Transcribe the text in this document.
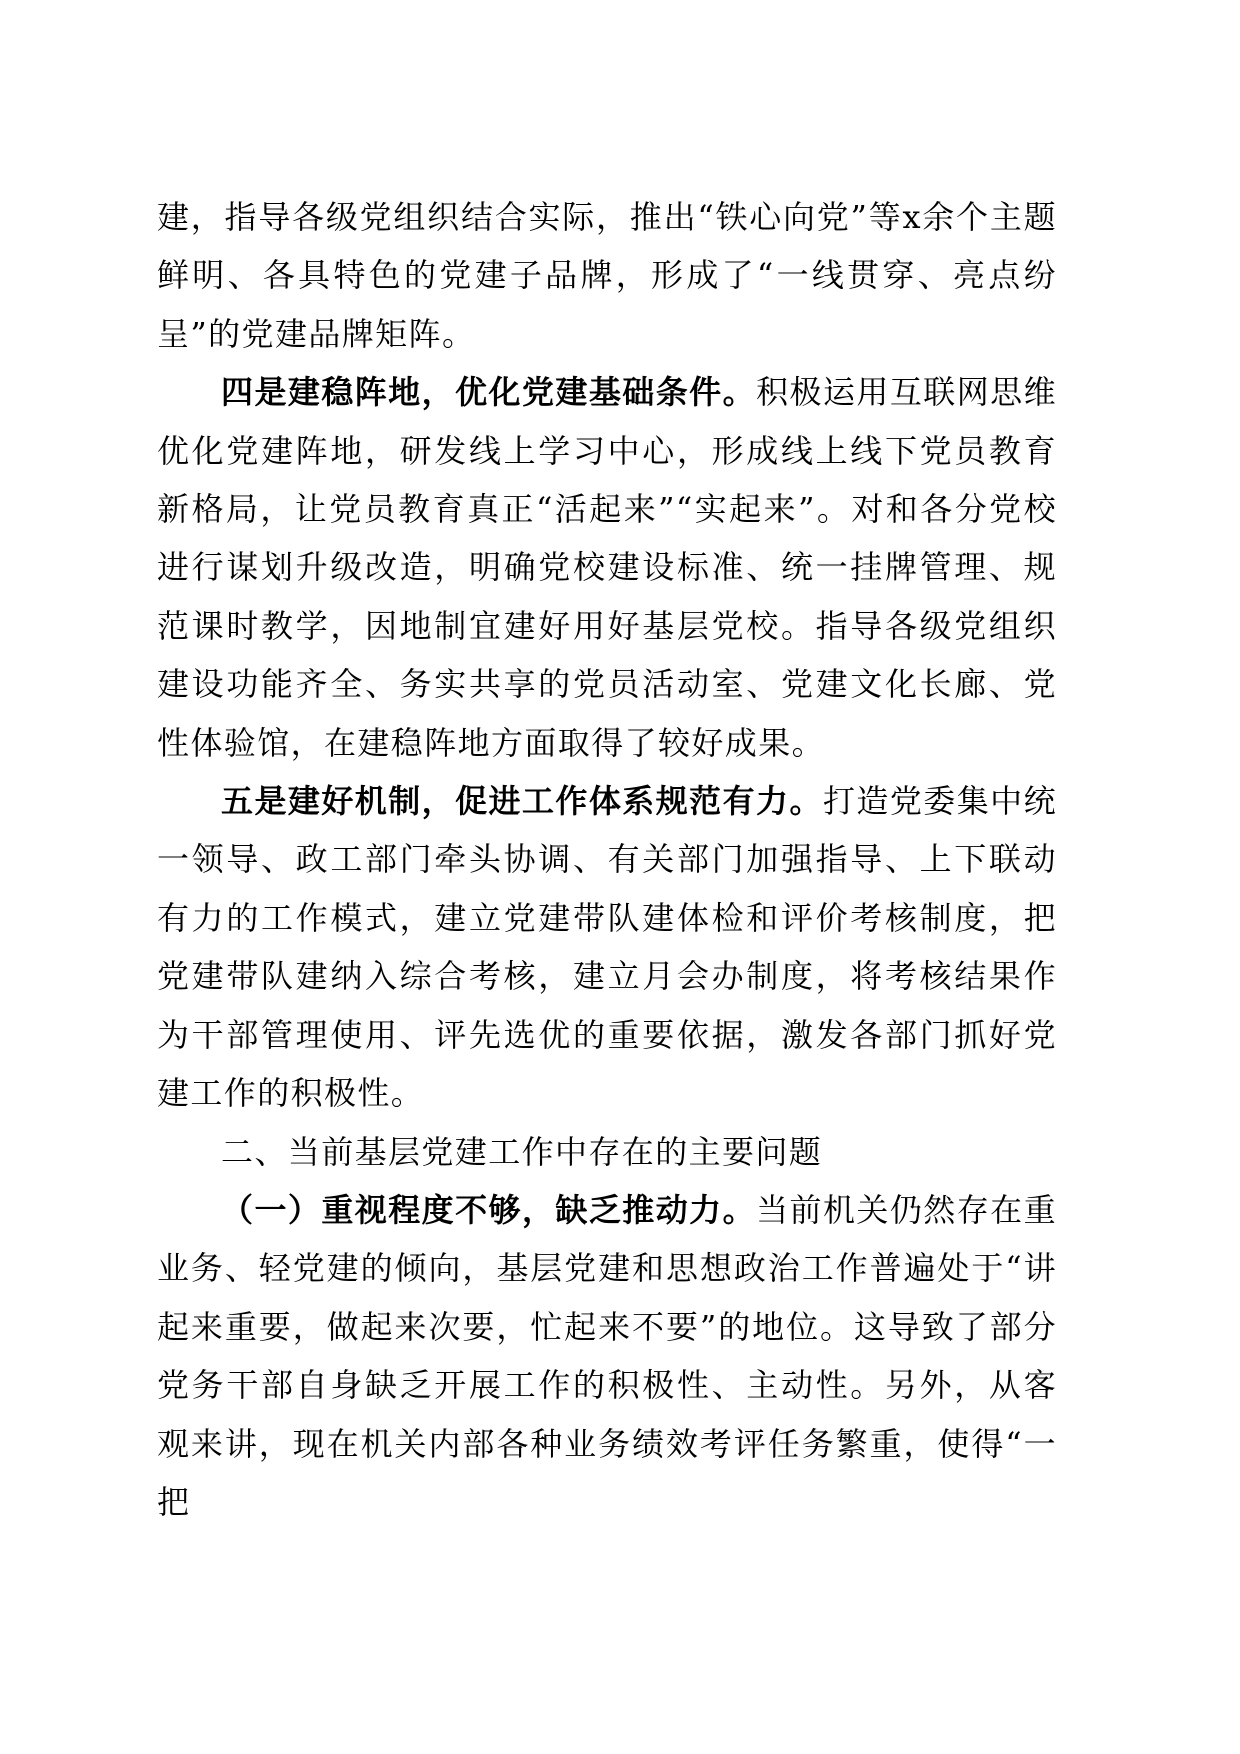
建，指导各级党组织结合实际，推出“铁心向党”等x余个主题鲜明、各具特色的党建子品牌，形成了“一线贯穿、亮点纷呈”的党建品牌矩阵。

四是建稳阵地，优化党建基础条件。积极运用互联网思维优化党建阵地，研发线上学习中心，形成线上线下党员教育新格局，让党员教育真正“活起来”“实起来”。对和各分党校进行谋划升级改造，明确党校建设标准、统一挂牌管理、规范课时教学，因地制宜建好用好基层党校。指导各级党组织建设功能齐全、务实共享的党员活动室、党建文化长廊、党性体验馆，在建稳阵地方面取得了较好成果。

五是建好机制，促进工作体系规范有力。打造党委集中统一领导、政工部门牵头协调、有关部门加强指导、上下联动有力的工作模式，建立党建带队建体检和评价考核制度，把党建带队建纳入综合考核，建立月会办制度，将考核结果作为干部管理使用、评先选优的重要依据，激发各部门抓好党建工作的积极性。

二、当前基层党建工作中存在的主要问题

（一）重视程度不够，缺乏推动力。当前机关仍然存在重业务、轻党建的倾向，基层党建和思想政治工作普遍处于“讲起来重要，做起来次要，忙起来不要”的地位。这导致了部分党务干部自身缺乏开展工作的积极性、主动性。另外，从客观来讲，现在机关内部各种业务绩效考评任务繁重，使得“一把
